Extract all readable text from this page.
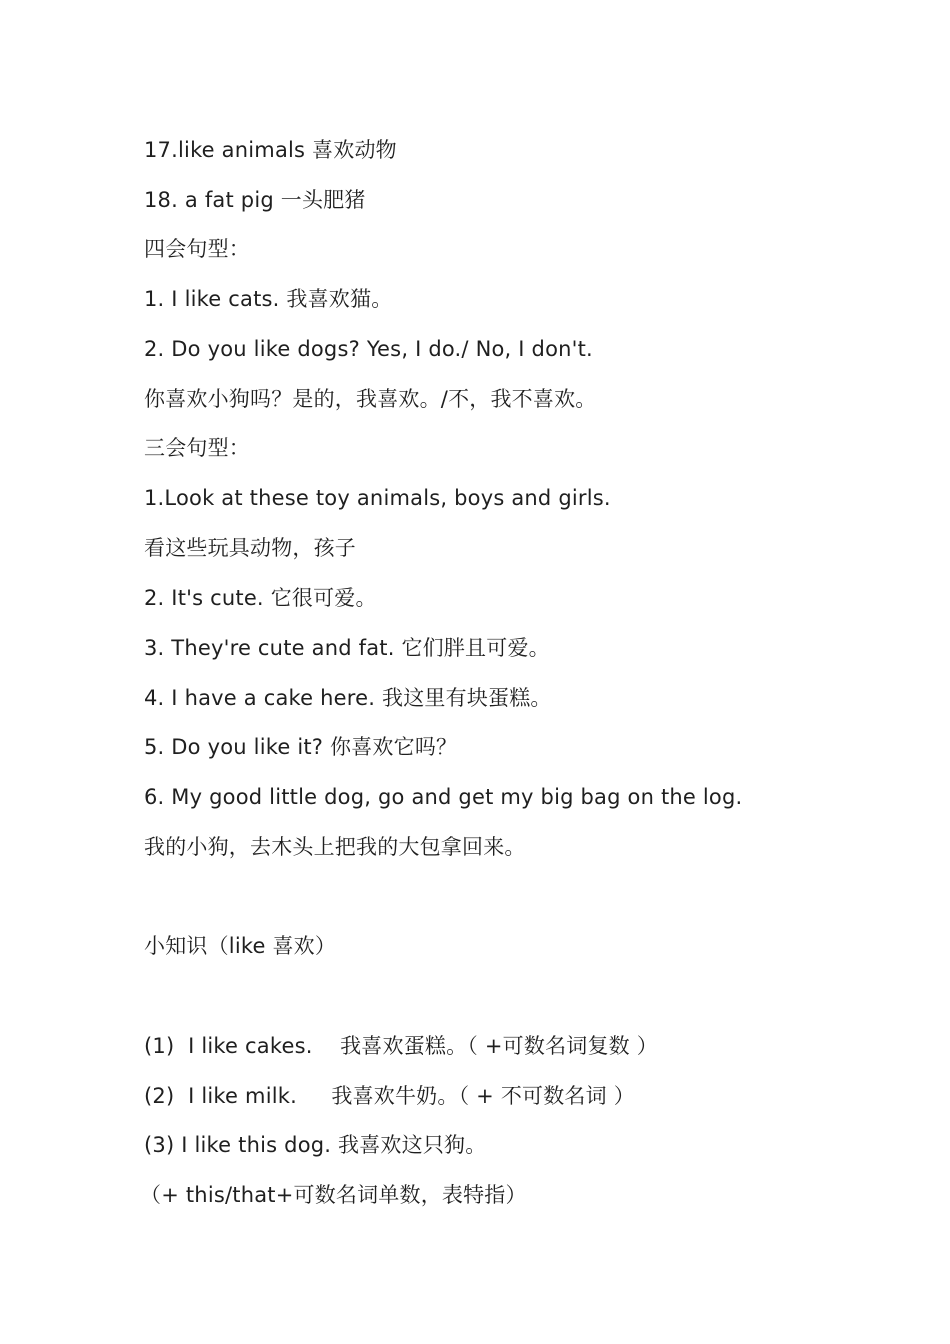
17.like animals 喜欢动物
18. a fat pig 一头肥猪
四会句型：
1. I like cats. 我喜欢猫。
2. Do you like dogs? Yes, I do./ No, I don't.
你喜欢小狗吗？是的，我喜欢。/不，我不喜欢。
三会句型：
1.Look at these toy animals, boys and girls.
看这些玩具动物，孩子
2. It's cute. 它很可爱。
3. They're cute and fat. 它们胖且可爱。
4. I have a cake here. 我这里有块蛋糕。
5. Do you like it? 你喜欢它吗？
6. My good little dog, go and get my big bag on the log.
我的小狗，去木头上把我的大包拿回来。
小知识（like 喜欢）
(1)  I like cakes.    我喜欢蛋糕。（ +可数名词复数 ）
(2)  I like milk.     我喜欢牛奶。（ + 不可数名词 ）
(3) I like this dog. 我喜欢这只狗。
（+ this/that+可数名词单数，表特指）
